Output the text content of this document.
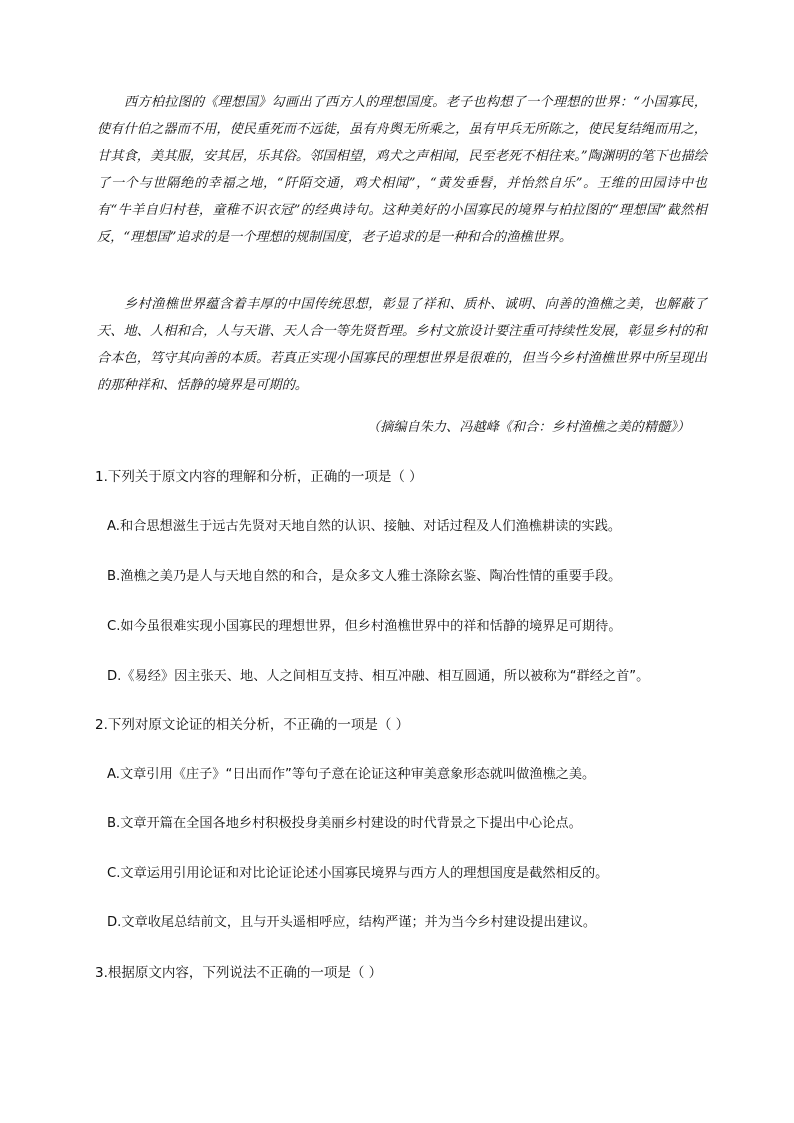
西方柏拉图的《理想国》勾画出了西方人的理想国度。老子也构想了一个理想的世界：“小国寡民，使有什伯之器而不用，使民重死而不远徙，虽有舟舆无所乘之，虽有甲兵无所陈之，使民复结绳而用之，甘其食，美其服，安其居，乐其俗。邻国相望，鸡犬之声相闻，民至老死不相往来。”陶渊明的笔下也描绘了一个与世隔绝的幸福之地，“阡陌交通，鸡犬相闻”，“黄发垂髫，并怡然自乐”。王维的田园诗中也有“牛羊自归村巷，童稚不识衣冠”的经典诗句。这种美好的小国寡民的境界与柏拉图的“理想国”截然相反，“理想国”追求的是一个理想的规制国度，老子追求的是一种和合的渔樵世界。

乡村渔樵世界蕴含着丰厚的中国传统思想，彰显了祥和、质朴、诚明、向善的渔樵之美，也解蔽了天、地、人相和合，人与天谐、天人合一等先贤哲理。乡村文旅设计要注重可持续性发展，彰显乡村的和合本色，笃守其向善的本质。若真正实现小国寡民的理想世界是很难的，但当今乡村渔樵世界中所呈现出的那种祥和、恬静的境界是可期的。

（摘编自朱力、冯越峰《和合：乡村渔樵之美的精髓》）

1.下列关于原文内容的理解和分析，正确的一项是（ ）

A.和合思想滋生于远古先贤对天地自然的认识、接触、对话过程及人们渔樵耕读的实践。

B.渔樵之美乃是人与天地自然的和合，是众多文人雅士涤除玄鉴、陶冶性情的重要手段。

C.如今虽很难实现小国寡民的理想世界，但乡村渔樵世界中的祥和恬静的境界足可期待。

D.《易经》因主张天、地、人之间相互支持、相互冲融、相互圆通，所以被称为“群经之首”。

2.下列对原文论证的相关分析，不正确的一项是（ ）

A.文章引用《庄子》“日出而作”等句子意在论证这种审美意象形态就叫做渔樵之美。

B.文章开篇在全国各地乡村积极投身美丽乡村建设的时代背景之下提出中心论点。

C.文章运用引用论证和对比论证论述小国寡民境界与西方人的理想国度是截然相反的。

D.文章收尾总结前文，且与开头遥相呼应，结构严谨；并为当今乡村建设提出建议。

3.根据原文内容，下列说法不正确的一项是（ ）
